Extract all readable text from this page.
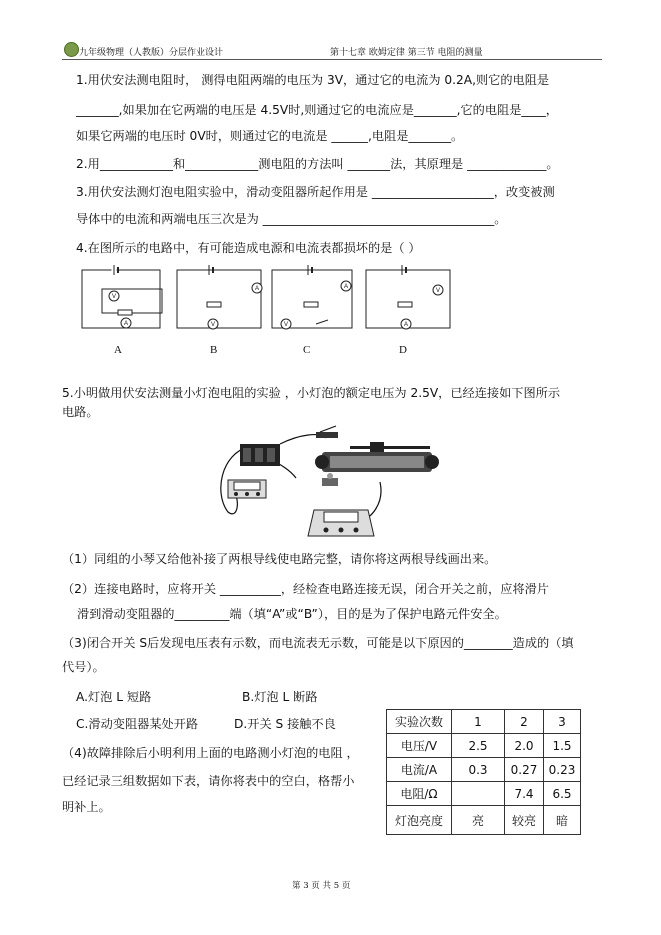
九年级物理（人教版）分层作业设计	第十七章 欧姆定律 第三节 电阻的测量
1.用伏安法测电阻时， 测得电阻两端的电压为 3V，通过它的电流为 0.2A,则它的电阻是
_______,如果加在它两端的电压是 4.5V时,则通过它的电流应是_______,它的电阻是____，
如果它两端的电压时 0V时，则通过它的电流是 ______,电阻是_______。
2.用____________和____________测电阻的方法叫 _______法，其原理是 _____________。
3.用伏安法测灯泡电阻实验中，滑动变阻器所起作用是 ____________________，改变被测
导体中的电流和两端电压三次是为 ______________________________________。
4.在图所示的电路中，有可能造成电源和电流表都损坏的是（ ）
V
A
A
V
A
V
V
A
A	B	C	D
5.小明做用伏安法测量小灯泡电阻的实验 ，小灯泡的额定电压为 2.5V，已经连接如下图所示
电路。
（1）同组的小琴又给他补接了两根导线使电路完整，请你将这两根导线画出来。
（2）连接电路时，应将开关 __________，经检查电路连接无误，闭合开关之前，应将滑片
滑到滑动变阻器的_________端（填“A”或“B”），目的是为了保护电路元件安全。
（3)闭合开关 S后发现电压表有示数，而电流表无示数，可能是以下原因的________造成的（填
代号）。
A.灯泡 L 短路	B.灯泡 L 断路
C.滑动变阻器某处开路	D.开关 S 接触不良
（4)故障排除后小明利用上面的电路测小灯泡的电阻 ，
已经记录三组数据如下表，请你将表中的空白，格帮小
明补上。
实验次数	1	2	3
电压/V	2.5	2.0	1.5
电流/A	0.3	0.27	0.23
电阻/Ω		7.4	6.5
灯泡亮度	亮	较亮	暗
第 3 页 共 5 页
